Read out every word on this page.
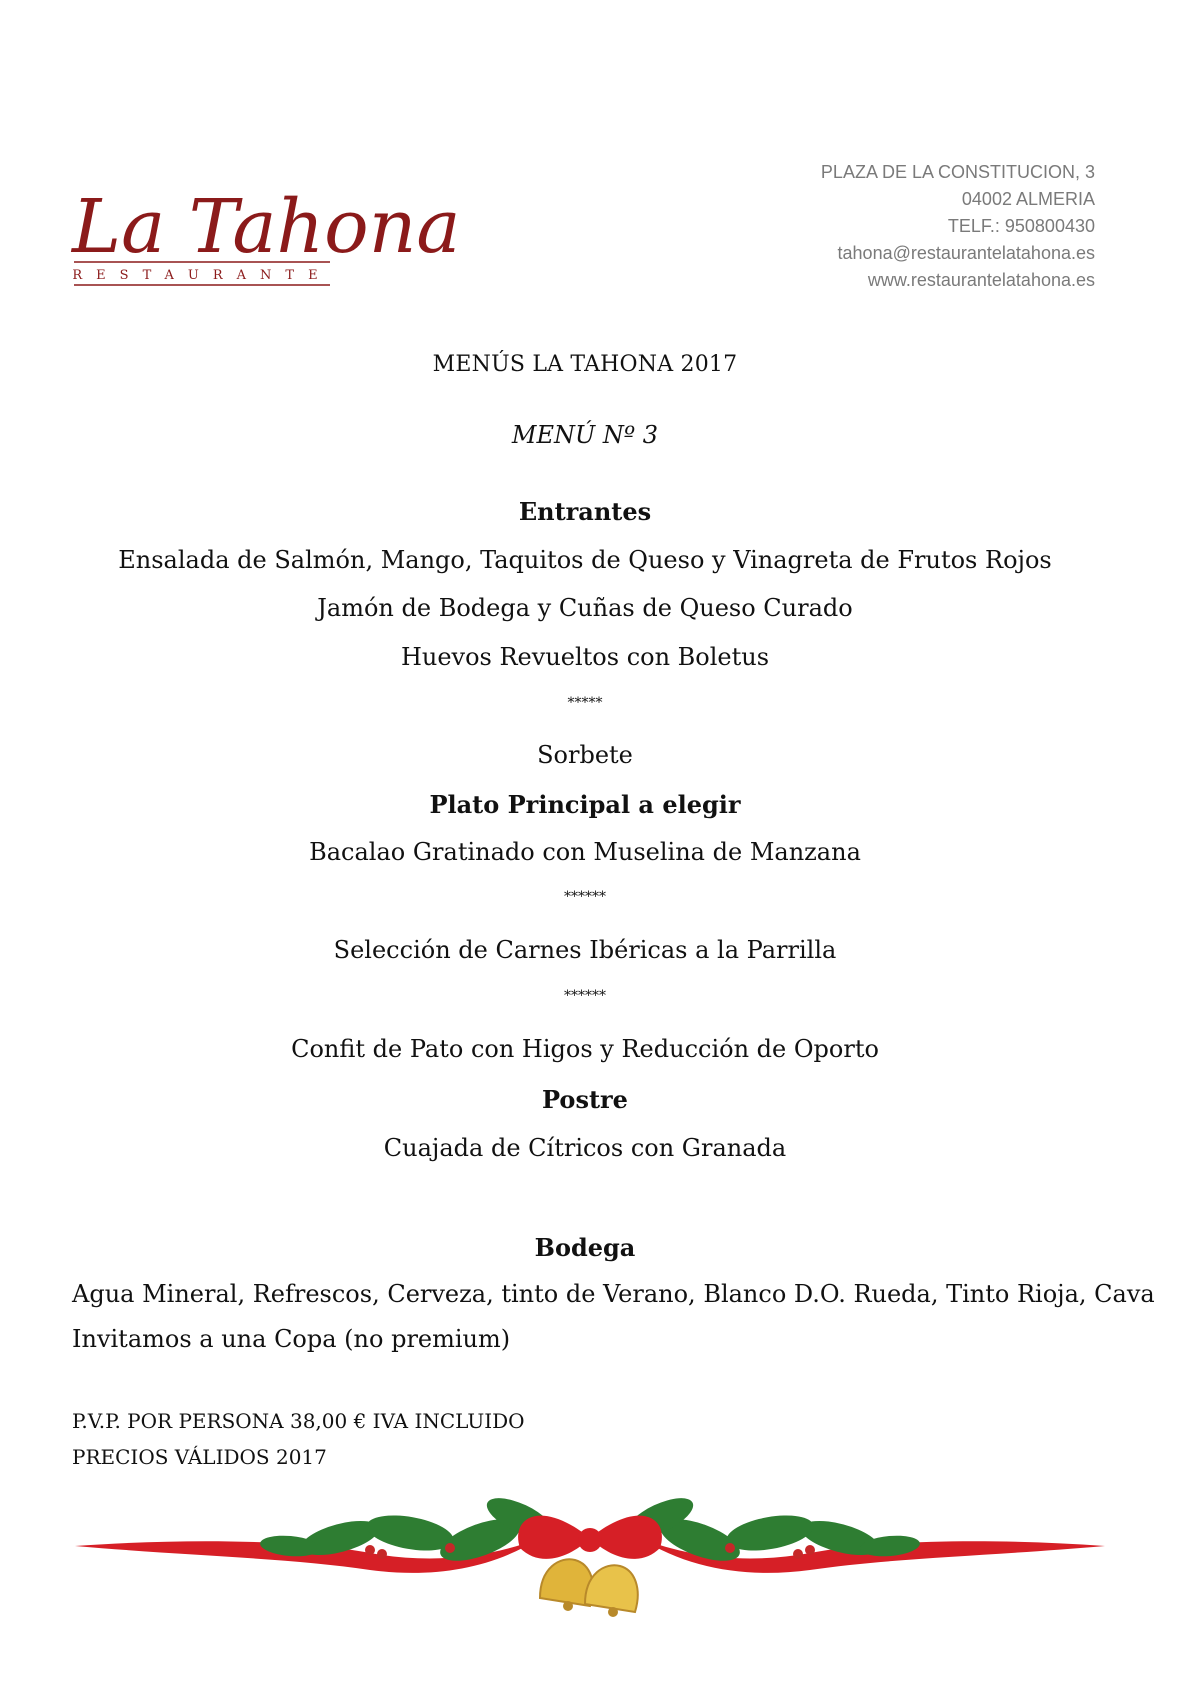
La Tahona
RESTAURANTE
PLAZA DE LA CONSTITUCION, 3
04002 ALMERIA
TELF.: 950800430
tahona@restaurantelatahona.es
www.restaurantelatahona.es
MENÚS LA TAHONA 2017
MENÚ Nº 3
Entrantes
Ensalada de Salmón, Mango, Taquitos de Queso y Vinagreta de Frutos Rojos
Jamón de Bodega y Cuñas de Queso Curado
Huevos Revueltos con Boletus
*****
Sorbete
Plato Principal a elegir
Bacalao Gratinado con Muselina de Manzana
******
Selección de Carnes Ibéricas a la Parrilla
******
Confit de Pato con Higos y Reducción de Oporto
Postre
Cuajada de Cítricos con Granada
Bodega
Agua Mineral, Refrescos, Cerveza, tinto de Verano, Blanco D.O. Rueda, Tinto Rioja, Cava
Invitamos a una Copa (no premium)
P.V.P. POR PERSONA 38,00 € IVA INCLUIDO
PRECIOS VÁLIDOS 2017
